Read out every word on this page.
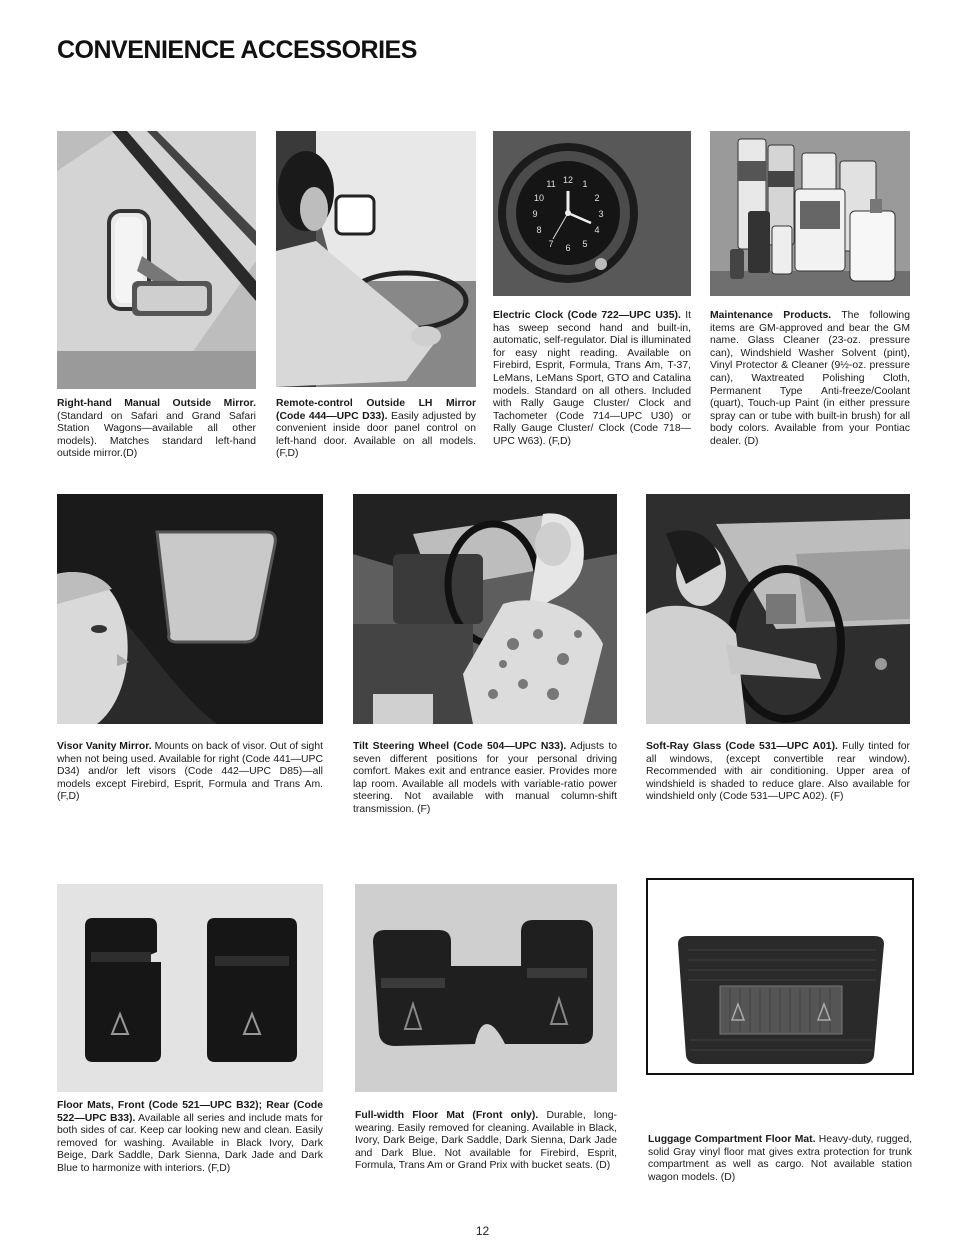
CONVENIENCE ACCESSORIES
11 12 1
2
3
4
5
6
7
8
9
10
Right-hand Manual Outside Mirror. (Standard on Safari and Grand Safari Station Wagons—available all other models). Matches standard left-hand outside mirror.(D)
Remote-control Outside LH Mirror (Code 444—UPC D33). Easily adjusted by convenient inside door panel control on left-hand door. Available on all models. (F,D)
Electric Clock (Code 722—UPC U35). It has sweep second hand and built-in, automatic, self-regulator. Dial is illuminated for easy night reading. Available on Firebird, Esprit, Formula, Trans Am, T-37, LeMans, LeMans Sport, GTO and Catalina models. Standard on all others. Included with Rally Gauge Cluster/ Clock and Tachometer (Code 714—UPC U30) or Rally Gauge Cluster/ Clock (Code 718—UPC W63). (F,D)
Maintenance Products. The following items are GM-approved and bear the GM name. Glass Cleaner (23-oz. pressure can), Windshield Washer Solvent (pint), Vinyl Protector & Cleaner (9½-oz. pressure can), Waxtreated Polishing Cloth, Permanent Type Anti-freeze/Coolant (quart), Touch-up Paint (in either pressure spray can or tube with built-in brush) for all body colors. Available from your Pontiac dealer. (D)
Visor Vanity Mirror. Mounts on back of visor. Out of sight when not being used. Available for right (Code 441—UPC D34) and/or left visors (Code 442—UPC D85)—all models except Firebird, Esprit, Formula and Trans Am. (F,D)
Tilt Steering Wheel (Code 504—UPC N33). Adjusts to seven different positions for your personal driving comfort. Makes exit and entrance easier. Provides more lap room. Available all models with variable-ratio power steering. Not available with manual column-shift transmission. (F)
Soft-Ray Glass (Code 531—UPC A01). Fully tinted for all windows, (except convertible rear window). Recommended with air conditioning. Upper area of windshield is shaded to reduce glare. Also available for windshield only (Code 531—UPC A02). (F)
Floor Mats, Front (Code 521—UPC B32); Rear (Code 522—UPC B33). Available all series and include mats for both sides of car. Keep car looking new and clean. Easily removed for washing. Available in Black Ivory, Dark Beige, Dark Saddle, Dark Sienna, Dark Jade and Dark Blue to harmonize with interiors. (F,D)
Full-width Floor Mat (Front only). Durable, long-wearing. Easily removed for cleaning. Available in Black, Ivory, Dark Beige, Dark Saddle, Dark Sienna, Dark Jade and Dark Blue. Not available for Firebird, Esprit, Formula, Trans Am or Grand Prix with bucket seats. (D)
Luggage Compartment Floor Mat. Heavy-duty, rugged, solid Gray vinyl floor mat gives extra protection for trunk compartment as well as cargo. Not available station wagon models. (D)
12
